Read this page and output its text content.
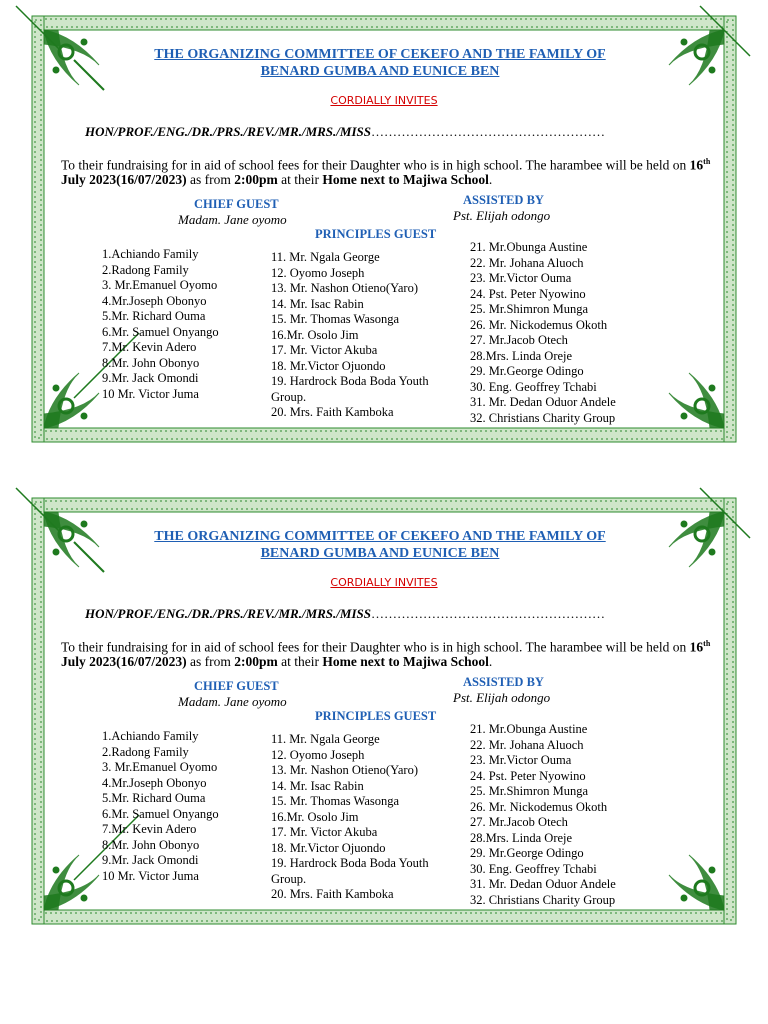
THE ORGANIZING COMMITTEE OF CEKEFO AND THE FAMILY OF
BENARD GUMBA AND EUNICE BEN
CORDIALLY INVITES
HON/PROF./ENG./DR./PRS./REV./MR./MRS./MISS………………………………………………
To their fundraising for in aid of school fees for their Daughter who is in high school. The harambee will be held on 16th July 2023(16/07/2023) as from 2:00pm at their Home next to Majiwa School.
CHIEF GUEST
Madam. Jane oyomo
ASSISTED BY
Pst. Elijah odongo
PRINCIPLES GUEST
1.Achiando Family
2.Radong Family
3. Mr.Emanuel Oyomo
4.Mr.Joseph Obonyo
5.Mr. Richard Ouma
6.Mr. Samuel Onyango
7.Mr. Kevin Adero
8.Mr. John Obonyo
9.Mr. Jack Omondi
10 Mr. Victor Juma
11. Mr. Ngala George
12. Oyomo Joseph
13. Mr. Nashon Otieno(Yaro)
14. Mr. Isac Rabin
15. Mr. Thomas Wasonga
16.Mr. Osolo Jim
17. Mr. Victor Akuba
18. Mr.Victor Ojuondo
19. Hardrock Boda Boda Youth Group.
20. Mrs. Faith Kamboka
21. Mr.Obunga Austine
22. Mr. Johana Aluoch
23. Mr.Victor Ouma
24. Pst. Peter Nyowino
25. Mr.Shimron Munga
26. Mr. Nickodemus Okoth
27. Mr.Jacob Otech
28.Mrs. Linda Oreje
29. Mr.George Odingo
30. Eng. Geoffrey Tchabi
31. Mr. Dedan Oduor Andele
32. Christians Charity Group
THE ORGANIZING COMMITTEE OF CEKEFO AND THE FAMILY OF
BENARD GUMBA AND EUNICE BEN
CORDIALLY INVITES
HON/PROF./ENG./DR./PRS./REV./MR./MRS./MISS………………………………………………
To their fundraising for in aid of school fees for their Daughter who is in high school. The harambee will be held on 16th July 2023(16/07/2023) as from 2:00pm at their Home next to Majiwa School.
CHIEF GUEST
Madam. Jane oyomo
ASSISTED BY
Pst. Elijah odongo
PRINCIPLES GUEST
1.Achiando Family
2.Radong Family
3. Mr.Emanuel Oyomo
4.Mr.Joseph Obonyo
5.Mr. Richard Ouma
6.Mr. Samuel Onyango
7.Mr. Kevin Adero
8.Mr. John Obonyo
9.Mr. Jack Omondi
10 Mr. Victor Juma
11. Mr. Ngala George
12. Oyomo Joseph
13. Mr. Nashon Otieno(Yaro)
14. Mr. Isac Rabin
15. Mr. Thomas Wasonga
16.Mr. Osolo Jim
17. Mr. Victor Akuba
18. Mr.Victor Ojuondo
19. Hardrock Boda Boda Youth Group.
20. Mrs. Faith Kamboka
21. Mr.Obunga Austine
22. Mr. Johana Aluoch
23. Mr.Victor Ouma
24. Pst. Peter Nyowino
25. Mr.Shimron Munga
26. Mr. Nickodemus Okoth
27. Mr.Jacob Otech
28.Mrs. Linda Oreje
29. Mr.George Odingo
30. Eng. Geoffrey Tchabi
31. Mr. Dedan Oduor Andele
32. Christians Charity Group
